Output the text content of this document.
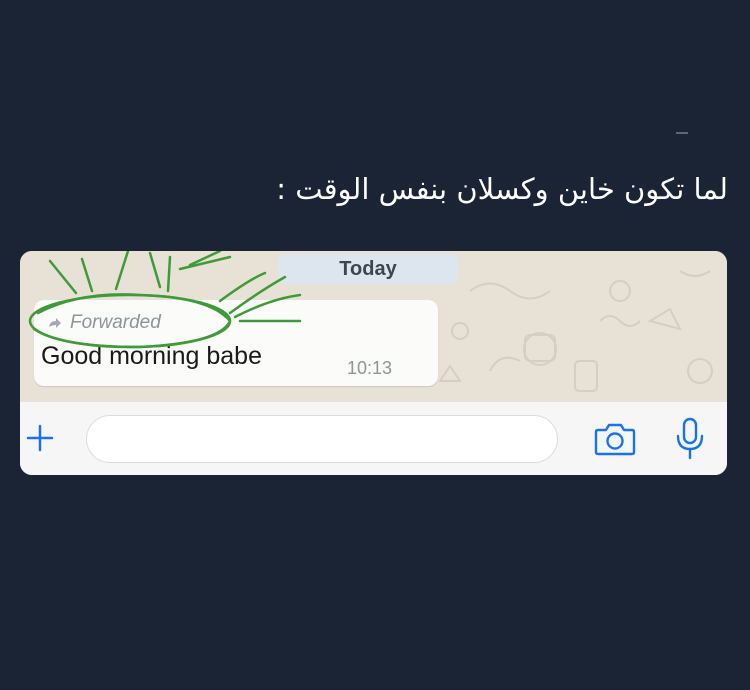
لما تكون خاين وكسلان بنفس الوقت :
Today
Forwarded
Good morning babe	10:13
